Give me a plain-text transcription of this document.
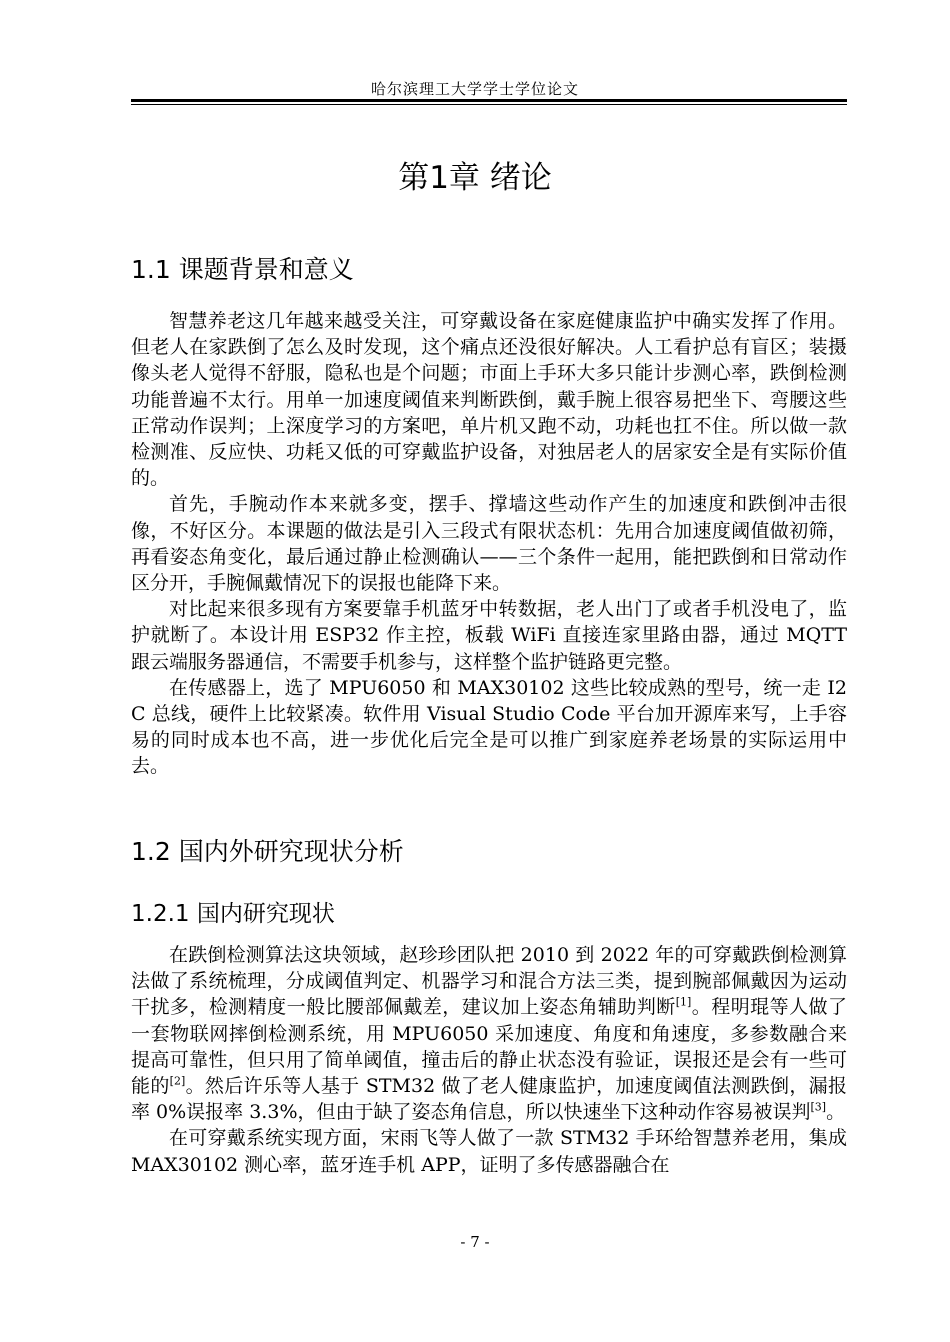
哈尔滨理工大学学士学位论文
第1章 绪论
1.1 课题背景和意义

智慧养老这几年越来越受关注，可穿戴设备在家庭健康监护中确实发挥了作用。但老人在家跌倒了怎么及时发现，这个痛点还没很好解决。人工看护总有盲区；装摄像头老人觉得不舒服，隐私也是个问题；市面上手环大多只能计步测心率，跌倒检测功能普遍不太行。用单一加速度阈值来判断跌倒，戴手腕上很容易把坐下、弯腰这些正常动作误判；上深度学习的方案吧，单片机又跑不动，功耗也扛不住。所以做一款检测准、反应快、功耗又低的可穿戴监护设备，对独居老人的居家安全是有实际价值的。

首先，手腕动作本来就多变，摆手、撑墙这些动作产生的加速度和跌倒冲击很像，不好区分。本课题的做法是引入三段式有限状态机：先用合加速度阈值做初筛，再看姿态角变化，最后通过静止检测确认——三个条件一起用，能把跌倒和日常动作区分开，手腕佩戴情况下的误报也能降下来。

对比起来很多现有方案要靠手机蓝牙中转数据，老人出门了或者手机没电了，监护就断了。本设计用 ESP32 作主控，板载 WiFi 直接连家里路由器，通过 MQTT 跟云端服务器通信，不需要手机参与，这样整个监护链路更完整。

在传感器上，选了 MPU6050 和 MAX30102 这些比较成熟的型号，统一走 I2C 总线，硬件上比较紧凑。软件用 Visual Studio Code 平台加开源库来写，上手容易的同时成本也不高，进一步优化后完全是可以推广到家庭养老场景的实际运用中去。

1.2 国内外研究现状分析
1.2.1 国内研究现状

在跌倒检测算法这块领域，赵珍珍团队把 2010 到 2022 年的可穿戴跌倒检测算法做了系统梳理，分成阈值判定、机器学习和混合方法三类，提到腕部佩戴因为运动干扰多，检测精度一般比腰部佩戴差，建议加上姿态角辅助判断[1]。程明琨等人做了一套物联网摔倒检测系统，用 MPU6050 采加速度、角度和角速度，多参数融合来提高可靠性，但只用了简单阈值，撞击后的静止状态没有验证，误报还是会有一些可能的[2]。然后许乐等人基于 STM32 做了老人健康监护，加速度阈值法测跌倒，漏报率 0%误报率 3.3%，但由于缺了姿态角信息，所以快速坐下这种动作容易被误判[3]。

在可穿戴系统实现方面，宋雨飞等人做了一款 STM32 手环给智慧养老用，集成 MAX30102 测心率，蓝牙连手机 APP，证明了多传感器融合在

- 7 -
